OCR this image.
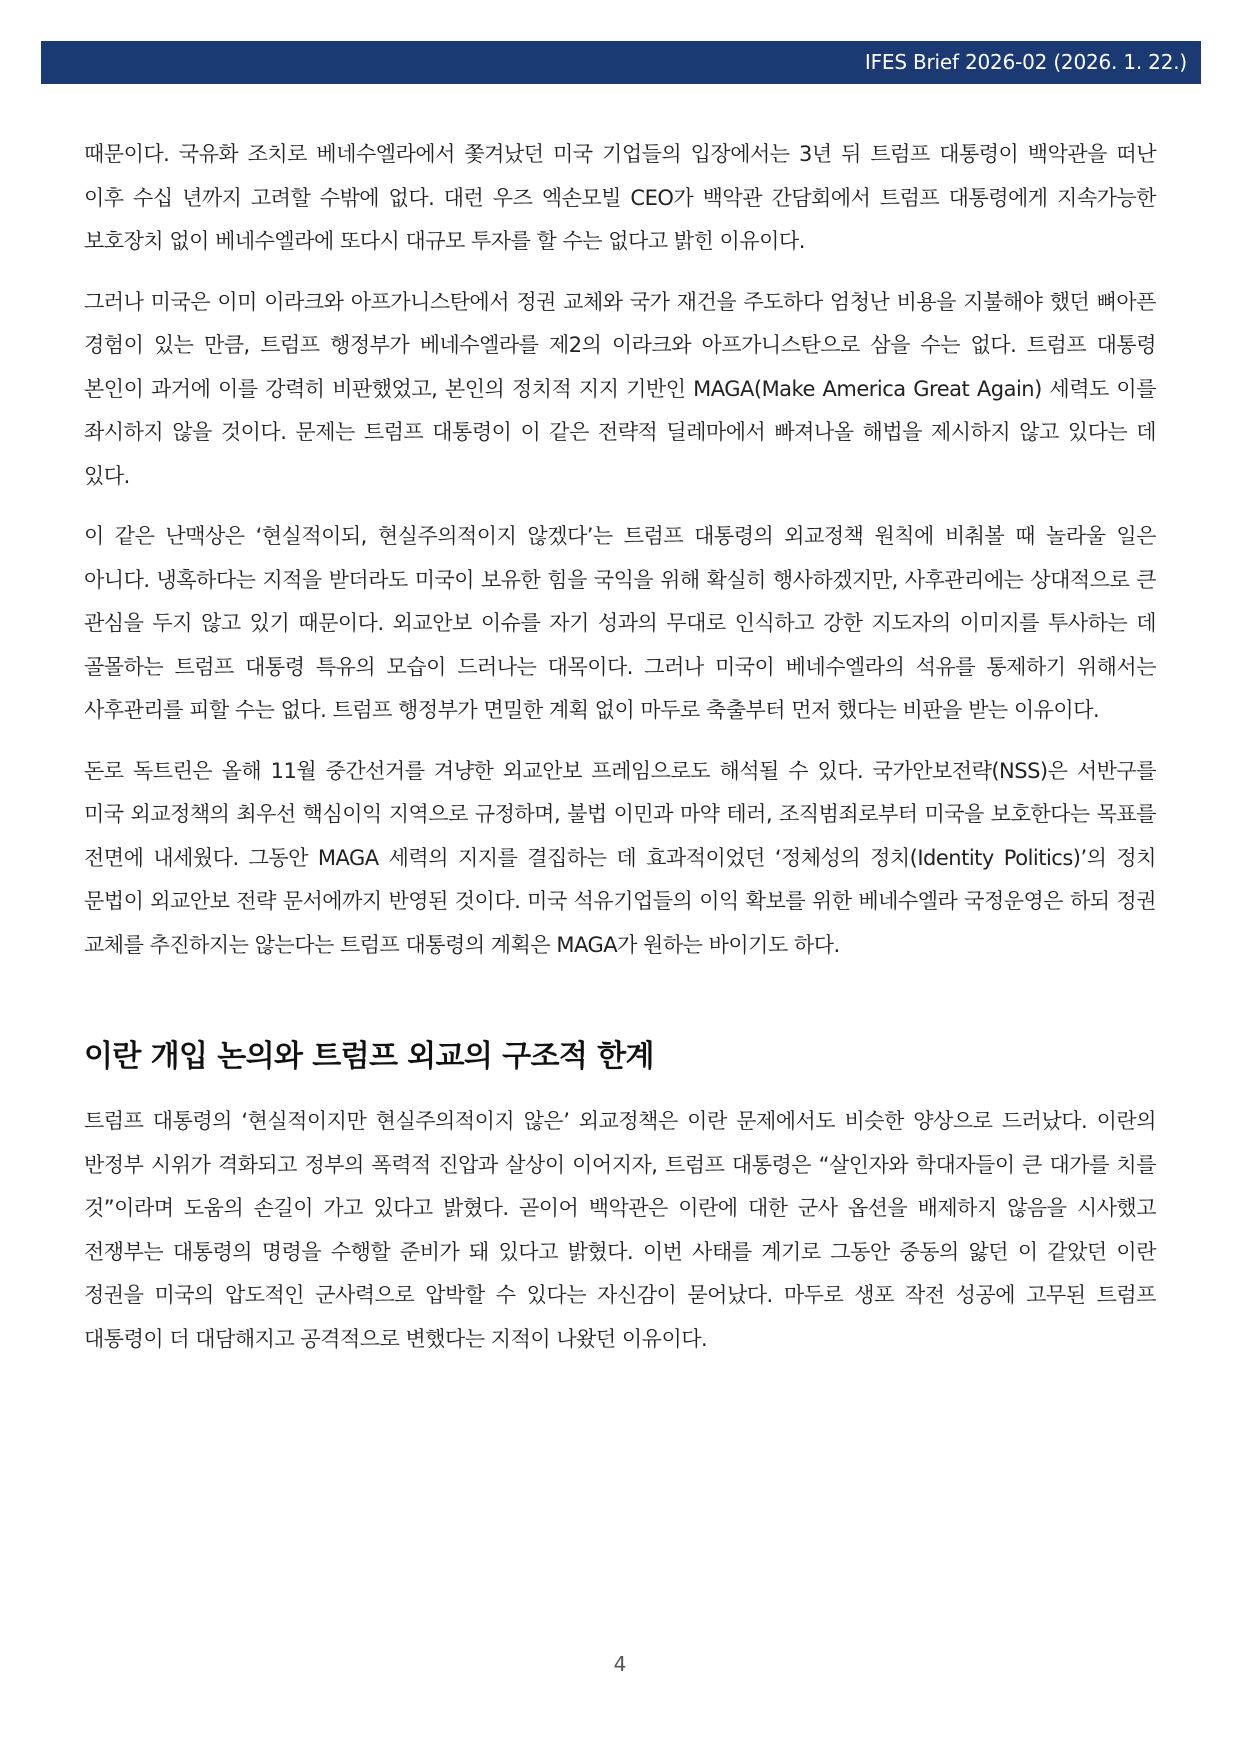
IFES Brief 2026-02 (2026. 1. 22.)

때문이다. 국유화 조치로 베네수엘라에서 쫓겨났던 미국 기업들의 입장에서는 3년 뒤 트럼프 대통령이 백악관을 떠난 이후 수십 년까지 고려할 수밖에 없다. 대런 우즈 엑손모빌 CEO가 백악관 간담회에서 트럼프 대통령에게 지속가능한 보호장치 없이 베네수엘라에 또다시 대규모 투자를 할 수는 없다고 밝힌 이유이다.

그러나 미국은 이미 이라크와 아프가니스탄에서 정권 교체와 국가 재건을 주도하다 엄청난 비용을 지불해야 했던 뼈아픈 경험이 있는 만큼, 트럼프 행정부가 베네수엘라를 제2의 이라크와 아프가니스탄으로 삼을 수는 없다. 트럼프 대통령 본인이 과거에 이를 강력히 비판했었고, 본인의 정치적 지지 기반인 MAGA(Make America Great Again) 세력도 이를 좌시하지 않을 것이다. 문제는 트럼프 대통령이 이 같은 전략적 딜레마에서 빠져나올 해법을 제시하지 않고 있다는 데 있다.

이 같은 난맥상은 ‘현실적이되, 현실주의적이지 않겠다’는 트럼프 대통령의 외교정책 원칙에 비춰볼 때 놀라울 일은 아니다. 냉혹하다는 지적을 받더라도 미국이 보유한 힘을 국익을 위해 확실히 행사하겠지만, 사후관리에는 상대적으로 큰 관심을 두지 않고 있기 때문이다. 외교안보 이슈를 자기 성과의 무대로 인식하고 강한 지도자의 이미지를 투사하는 데 골몰하는 트럼프 대통령 특유의 모습이 드러나는 대목이다. 그러나 미국이 베네수엘라의 석유를 통제하기 위해서는 사후관리를 피할 수는 없다. 트럼프 행정부가 면밀한 계획 없이 마두로 축출부터 먼저 했다는 비판을 받는 이유이다.

돈로 독트린은 올해 11월 중간선거를 겨냥한 외교안보 프레임으로도 해석될 수 있다. 국가안보전략(NSS)은 서반구를 미국 외교정책의 최우선 핵심이익 지역으로 규정하며, 불법 이민과 마약 테러, 조직범죄로부터 미국을 보호한다는 목표를 전면에 내세웠다. 그동안 MAGA 세력의 지지를 결집하는 데 효과적이었던 ‘정체성의 정치(Identity Politics)’의 정치 문법이 외교안보 전략 문서에까지 반영된 것이다. 미국 석유기업들의 이익 확보를 위한 베네수엘라 국정운영은 하되 정권 교체를 추진하지는 않는다는 트럼프 대통령의 계획은 MAGA가 원하는 바이기도 하다.

이란 개입 논의와 트럼프 외교의 구조적 한계

트럼프 대통령의 ‘현실적이지만 현실주의적이지 않은’ 외교정책은 이란 문제에서도 비슷한 양상으로 드러났다. 이란의 반정부 시위가 격화되고 정부의 폭력적 진압과 살상이 이어지자, 트럼프 대통령은 “살인자와 학대자들이 큰 대가를 치를 것”이라며 도움의 손길이 가고 있다고 밝혔다. 곧이어 백악관은 이란에 대한 군사 옵션을 배제하지 않음을 시사했고 전쟁부는 대통령의 명령을 수행할 준비가 돼 있다고 밝혔다. 이번 사태를 계기로 그동안 중동의 앓던 이 같았던 이란 정권을 미국의 압도적인 군사력으로 압박할 수 있다는 자신감이 묻어났다. 마두로 생포 작전 성공에 고무된 트럼프 대통령이 더 대담해지고 공격적으로 변했다는 지적이 나왔던 이유이다.

4
